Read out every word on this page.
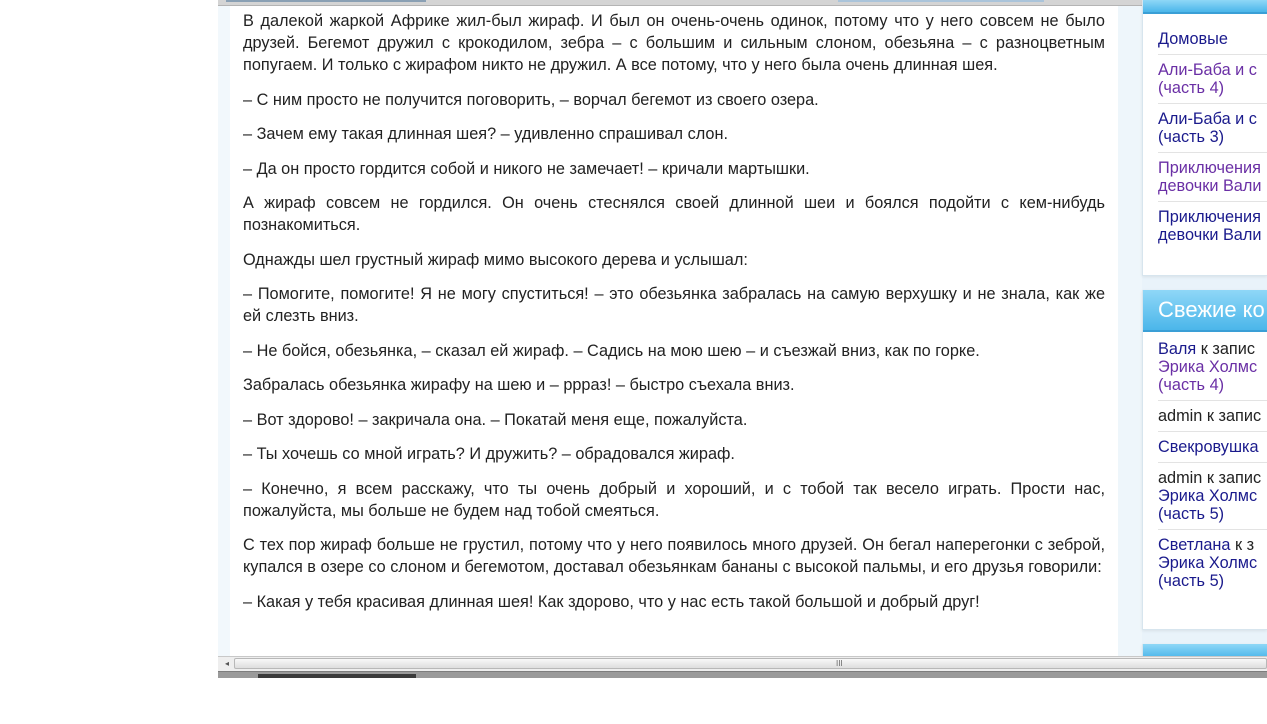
В далекой жаркой Африке жил-был жираф. И был он очень-очень одинок, потому что у него совсем не было друзей. Бегемот дружил с крокодилом, зебра – с большим и сильным слоном, обезьяна – с разноцветным попугаем. И только с жирафом никто не дружил. А все потому, что у него была очень длинная шея.

– С ним просто не получится поговорить, – ворчал бегемот из своего озера.

– Зачем ему такая длинная шея? – удивленно спрашивал слон.

– Да он просто гордится собой и никого не замечает! – кричали мартышки.

А жираф совсем не гордился. Он очень стеснялся своей длинной шеи и боялся подойти с кем-нибудь познакомиться.

Однажды шел грустный жираф мимо высокого дерева и услышал:

– Помогите, помогите! Я не могу спуститься! – это обезьянка забралась на самую верхушку и не знала, как же ей слезть вниз.

– Не бойся, обезьянка, – сказал ей жираф. – Садись на мою шею – и съезжай вниз, как по горке.

Забралась обезьянка жирафу на шею и – ррраз! – быстро съехала вниз.

– Вот здорово! – закричала она. – Покатай меня еще, пожалуйста.

– Ты хочешь со мной играть? И дружить? – обрадовался жираф.

– Конечно, я всем расскажу, что ты очень добрый и хороший, и с тобой так весело играть. Прости нас, пожалуйста, мы больше не будем над тобой смеяться.

С тех пор жираф больше не грустил, потому что у него появилось много друзей. Он бегал наперегонки с зеброй, купался в озере со слоном и бегемотом, доставал обезьянкам бананы с высокой пальмы, и его друзья говорили:

– Какая у тебя красивая длинная шея! Как здорово, что у нас есть такой большой и добрый друг!

Домовые
Али-Баба и с
(часть 4)
Али-Баба и с
(часть 3)
Приключения
девочки Вали
Приключения
девочки Вали
Свежие ко
Валя к запис
Эрика Холмс
(часть 4)
admin к запис
Свекровушка
admin к запис
Эрика Холмс
(часть 5)
Светлана к з
Эрика Холмс
(часть 5)
◂	III
